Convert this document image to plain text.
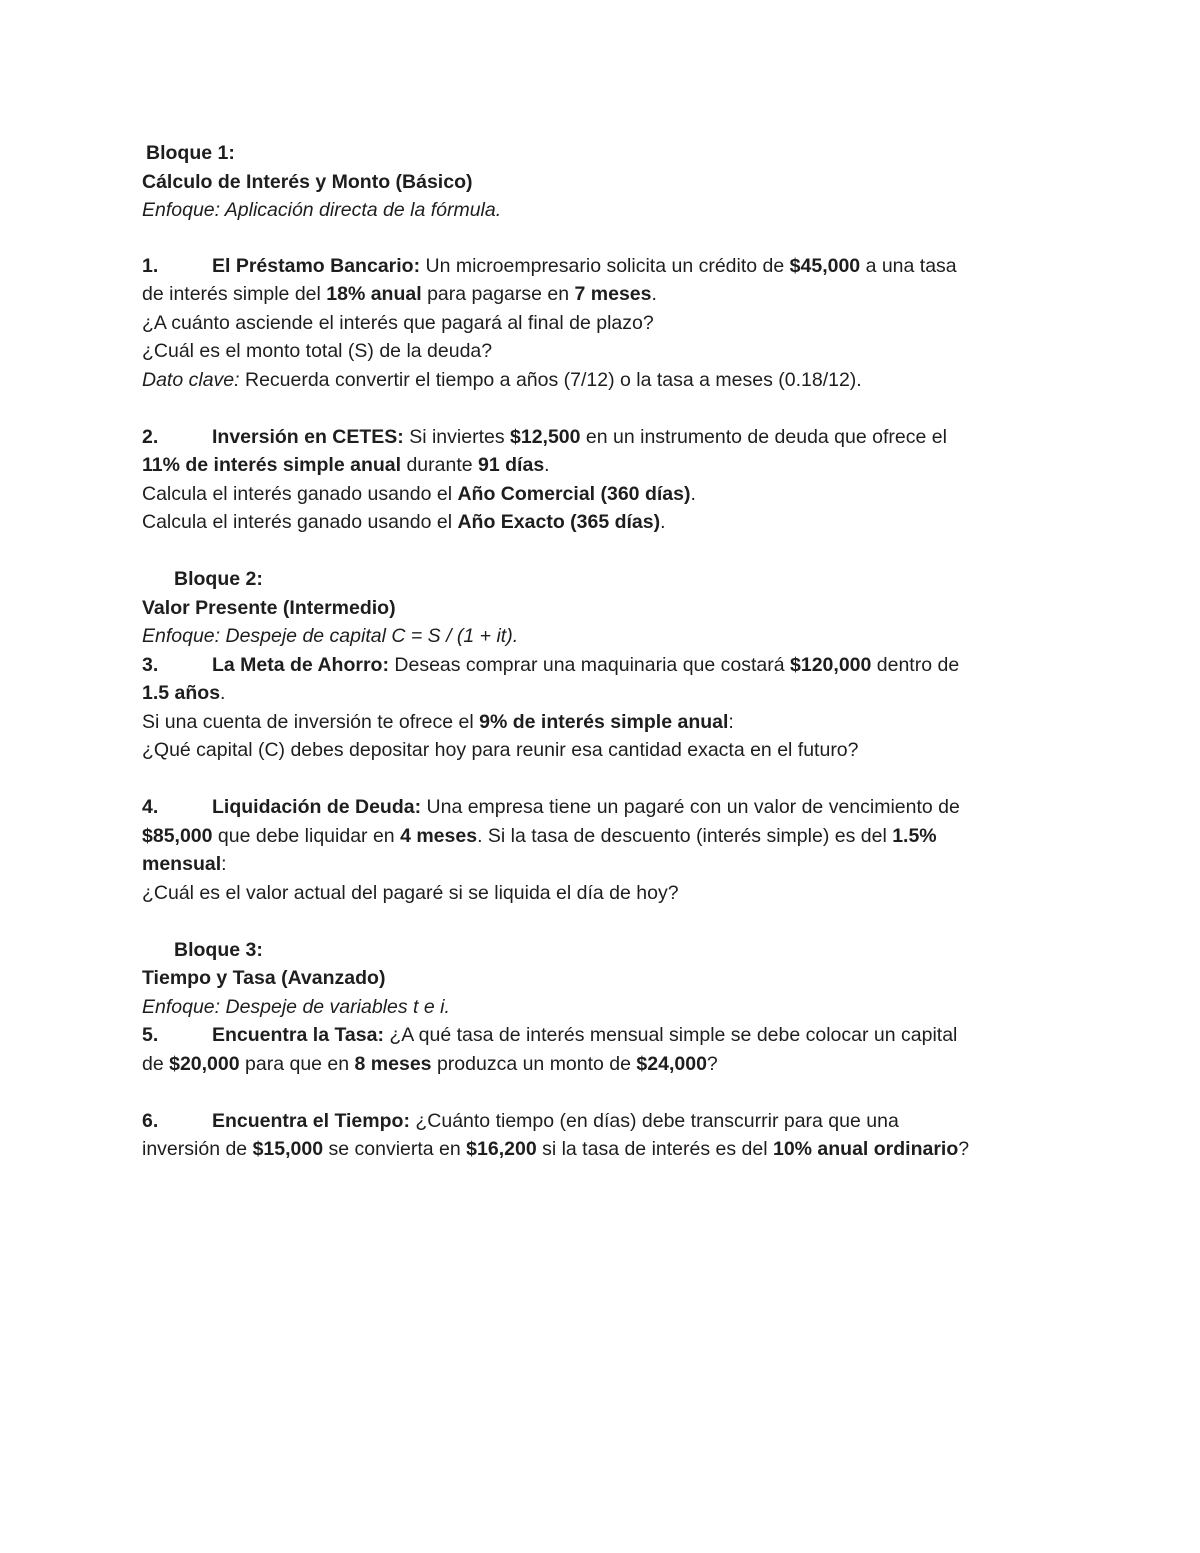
Bloque 1:
Cálculo de Interés y Monto (Básico)
Enfoque: Aplicación directa de la fórmula.
1.	El Préstamo Bancario: Un microempresario solicita un crédito de $45,000 a una tasa
de interés simple del 18% anual para pagarse en 7 meses.
¿A cuánto asciende el interés que pagará al final de plazo?
¿Cuál es el monto total (S) de la deuda?
Dato clave: Recuerda convertir el tiempo a años (7/12) o la tasa a meses (0.18/12).
2.	Inversión en CETES: Si inviertes $12,500 en un instrumento de deuda que ofrece el
11% de interés simple anual durante 91 días.
Calcula el interés ganado usando el Año Comercial (360 días).
Calcula el interés ganado usando el Año Exacto (365 días).
Bloque 2:
Valor Presente (Intermedio)
Enfoque: Despeje de capital C = S / (1 + it).
3.	La Meta de Ahorro: Deseas comprar una maquinaria que costará $120,000 dentro de
1.5 años.
Si una cuenta de inversión te ofrece el 9% de interés simple anual:
¿Qué capital (C) debes depositar hoy para reunir esa cantidad exacta en el futuro?
4.	Liquidación de Deuda: Una empresa tiene un pagaré con un valor de vencimiento de
$85,000 que debe liquidar en 4 meses. Si la tasa de descuento (interés simple) es del 1.5%
mensual:
¿Cuál es el valor actual del pagaré si se liquida el día de hoy?
Bloque 3:
Tiempo y Tasa (Avanzado)
Enfoque: Despeje de variables t e i.
5.	Encuentra la Tasa: ¿A qué tasa de interés mensual simple se debe colocar un capital
de $20,000 para que en 8 meses produzca un monto de $24,000?
6.	Encuentra el Tiempo: ¿Cuánto tiempo (en días) debe transcurrir para que una
inversión de $15,000 se convierta en $16,200 si la tasa de interés es del 10% anual ordinario?
